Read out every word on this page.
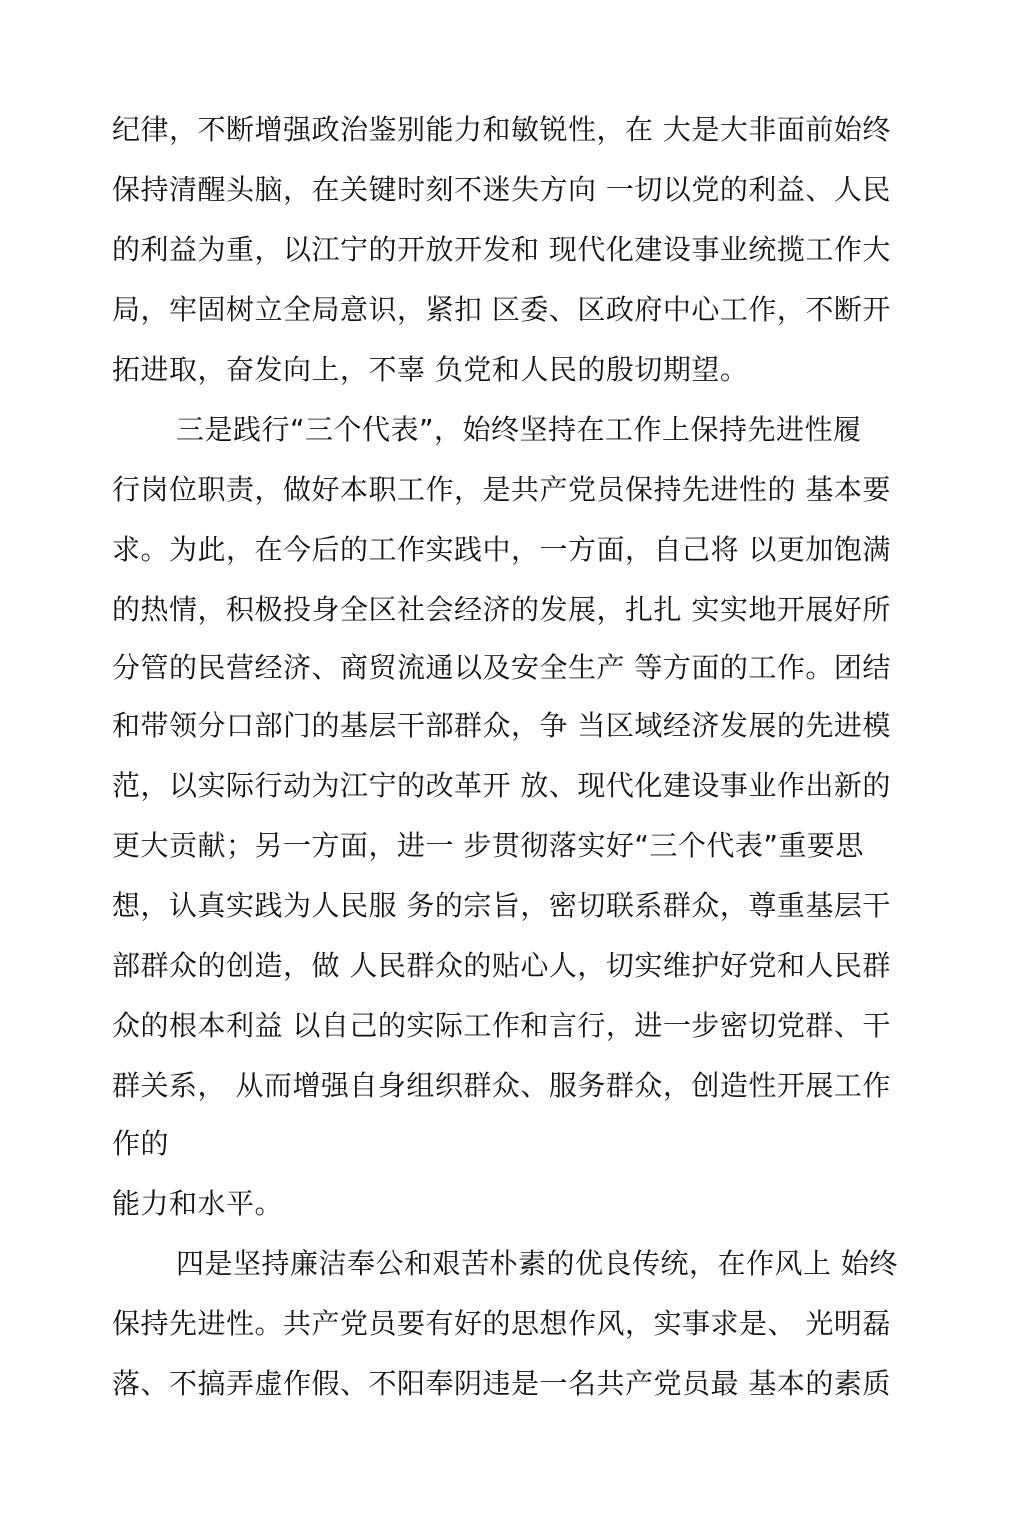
纪律，不断增强政治鉴别能力和敏锐性，在 大是大非面前始终
保持清醒头脑，在关键时刻不迷失方向 一切以党的利益、人民
的利益为重，以江宁的开放开发和 现代化建设事业统揽工作大
局，牢固树立全局意识，紧扣 区委、区政府中心工作，不断开
拓进取，奋发向上，不辜 负党和人民的殷切期望。
三是践行“三个代表”，始终坚持在工作上保持先进性履
行岗位职责，做好本职工作，是共产党员保持先进性的 基本要
求。为此，在今后的工作实践中，一方面，自己将 以更加饱满
的热情，积极投身全区社会经济的发展，扎扎 实实地开展好所
分管的民营经济、商贸流通以及安全生产 等方面的工作。团结
和带领分口部门的基层干部群众，争 当区域经济发展的先进模
范，以实际行动为江宁的改革开 放、现代化建设事业作出新的
更大贡献；另一方面，进一 步贯彻落实好“三个代表”重要思
想，认真实践为人民服 务的宗旨，密切联系群众，尊重基层干
部群众的创造，做 人民群众的贴心人，切实维护好党和人民群
众的根本利益 以自己的实际工作和言行，进一步密切党群、干
群关系， 从而增强自身组织群众、服务群众，创造性开展工作
作的
能力和水平。
四是坚持廉洁奉公和艰苦朴素的优良传统，在作风上 始终
保持先进性。共产党员要有好的思想作风，实事求是、 光明磊
落、不搞弄虚作假、不阳奉阴违是一名共产党员最 基本的素质
